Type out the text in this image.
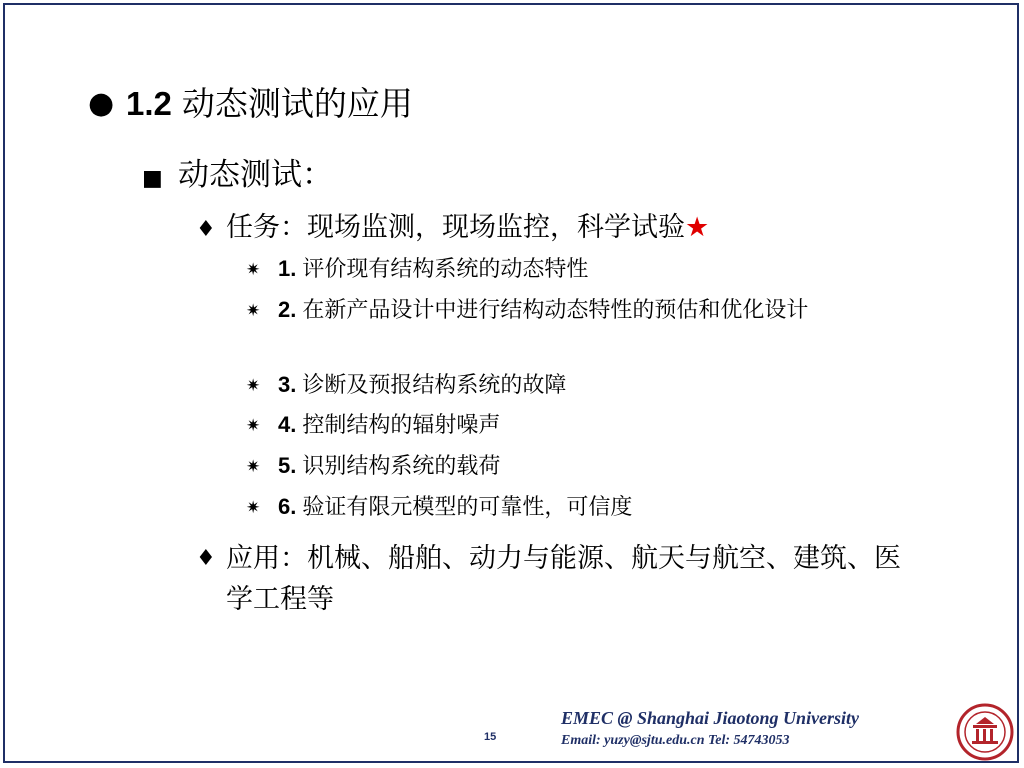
● 1.2 动态测试的应用
■ 动态测试：
♦ 任务：现场监测，现场监控，科学试验★
✷ 1. 评价现有结构系统的动态特性
✷ 2. 在新产品设计中进行结构动态特性的预估和优化设计
✷ 3. 诊断及预报结构系统的故障
✷ 4. 控制结构的辐射噪声
✷ 5. 识别结构系统的载荷
✷ 6. 验证有限元模型的可靠性，可信度
♦ 应用：机械、船舶、动力与能源、航天与航空、建筑、医学工程等
15
EMEC @ Shanghai Jiaotong University
Email: yuzy@sjtu.edu.cn Tel: 54743053
